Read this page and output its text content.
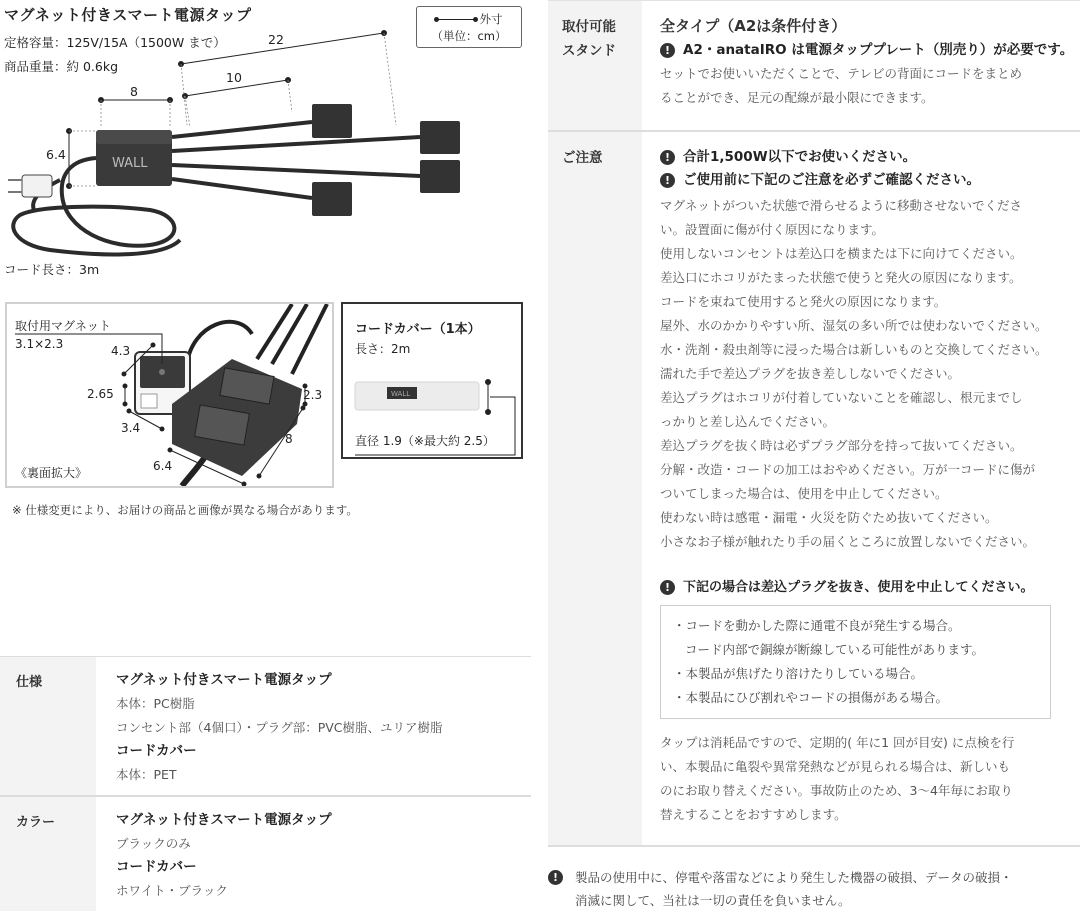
WALL
マグネット付きスマート電源タップ
定格容量：125V/15A（1500W まで）
商品重量：約 0.6kg
外寸
（単位：cm）
22
10
8
6.4
コード長さ：3m
取付用マグネット
3.1×2.3	4.3
2.65
3.4
6.4
2.3
8
《裏面拡大》
コードカバー（1本）
長さ：2m
WALL
直径 1.9（※最大約 2.5）
※ 仕様変更により、お届けの商品と画像が異なる場合があります。
仕様	マグネット付きスマート電源タップ
本体：PC樹脂
コンセント部（4個口）・プラグ部：PVC樹脂、ユリア樹脂
コードカバー
本体：PET
カラー	マグネット付きスマート電源タップ
ブラックのみ
コードカバー
ホワイト・ブラック
取付可能
スタンド
全タイプ（A2は条件付き）
! A2・anataIRO は電源タッププレート（別売り）が必要です。
セットでお使いいただくことで、テレビの背面にコードをまとめ
ることができ、足元の配線が最小限にできます。
ご注意	! 合計1,500W以下でお使いください。
! ご使用前に下記のご注意を必ずご確認ください。
マグネットがついた状態で滑らせるように移動させないでくださ
い。設置面に傷が付く原因になります。
使用しないコンセントは差込口を横または下に向けてください。
差込口にホコリがたまった状態で使うと発火の原因になります。
コードを束ねて使用すると発火の原因になります。
屋外、水のかかりやすい所、湿気の多い所では使わないでください。
水・洗剤・殺虫剤等に浸った場合は新しいものと交換してください。
濡れた手で差込プラグを抜き差ししないでください。
差込プラグはホコリが付着していないことを確認し、根元までし
っかりと差し込んでください。
差込プラグを抜く時は必ずプラグ部分を持って抜いてください。
分解・改造・コードの加工はおやめください。万が一コードに傷が
ついてしまった場合は、使用を中止してください。
使わない時は感電・漏電・火災を防ぐため抜いてください。
小さなお子様が触れたり手の届くところに放置しないでください。
! 下記の場合は差込プラグを抜き、使用を中止してください。
・コードを動かした際に通電不良が発生する場合。
コード内部で銅線が断線している可能性があります。
・本製品が焦げたり溶けたりしている場合。
・本製品にひび割れやコードの損傷がある場合。
タップは消耗品ですので、定期的( 年に1 回が目安) に点検を行
い、本製品に亀裂や異常発熱などが見られる場合は、新しいも
のにお取り替えください。事故防止のため、3～4年毎にお取り
替えすることをおすすめします。
!	製品の使用中に、停電や落雷などにより発生した機器の破損、データの破損・
消滅に関して、当社は一切の責任を負いません。
